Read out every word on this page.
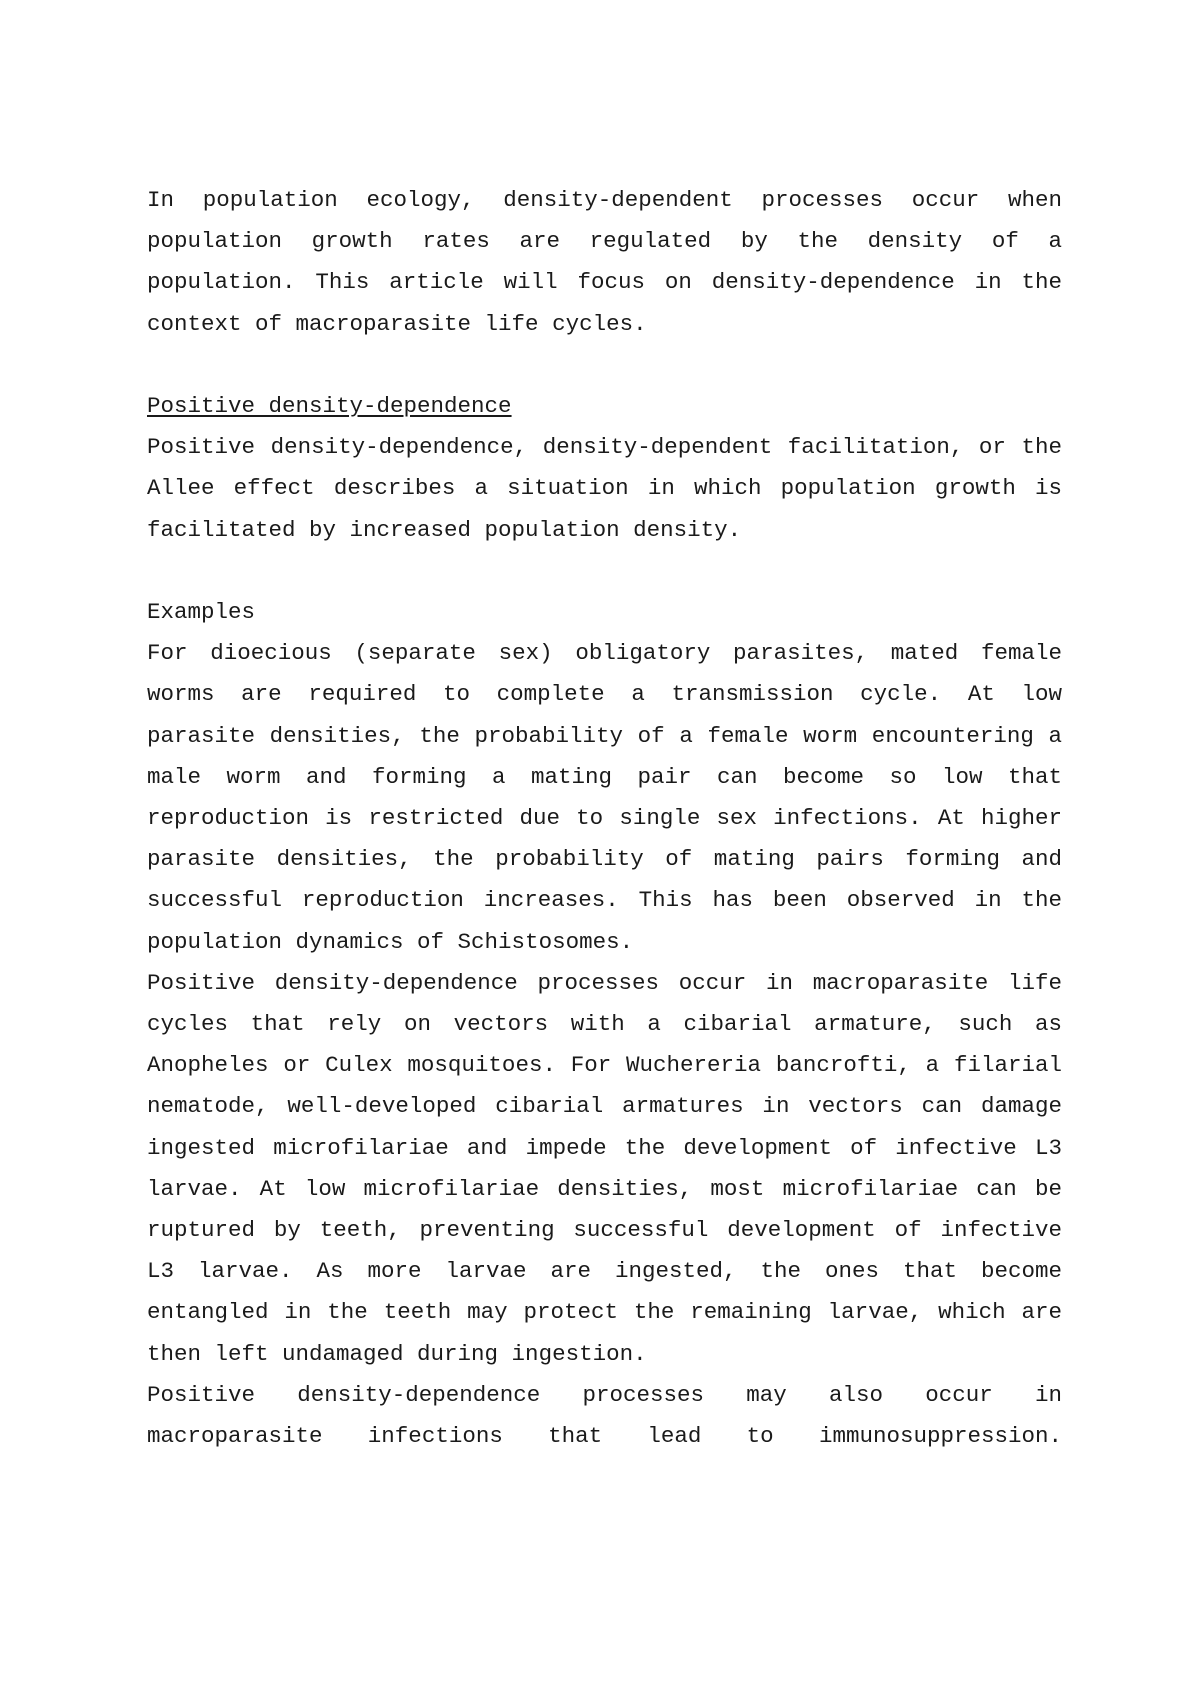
In population ecology, density-dependent processes occur when population growth rates are regulated by the density of a population. This article will focus on density-dependence in the context of macroparasite life cycles.

Positive density-dependence

Positive density-dependence, density-dependent facilitation, or the Allee effect describes a situation in which population growth is facilitated by increased population density.

Examples

For dioecious (separate sex) obligatory parasites, mated female worms are required to complete a transmission cycle. At low parasite densities, the probability of a female worm encountering a male worm and forming a mating pair can become so low that reproduction is restricted due to single sex infections. At higher parasite densities, the probability of mating pairs forming and successful reproduction increases. This has been observed in the population dynamics of Schistosomes.

Positive density-dependence processes occur in macroparasite life cycles that rely on vectors with a cibarial armature, such as Anopheles or Culex mosquitoes. For Wuchereria bancrofti, a filarial nematode, well-developed cibarial armatures in vectors can damage ingested microfilariae and impede the development of infective L3 larvae. At low microfilariae densities, most microfilariae can be ruptured by teeth, preventing successful development of infective L3 larvae. As more larvae are ingested, the ones that become entangled in the teeth may protect the remaining larvae, which are then left undamaged during ingestion.

Positive density-dependence processes may also occur in macroparasite infections that lead to immunosuppression.
